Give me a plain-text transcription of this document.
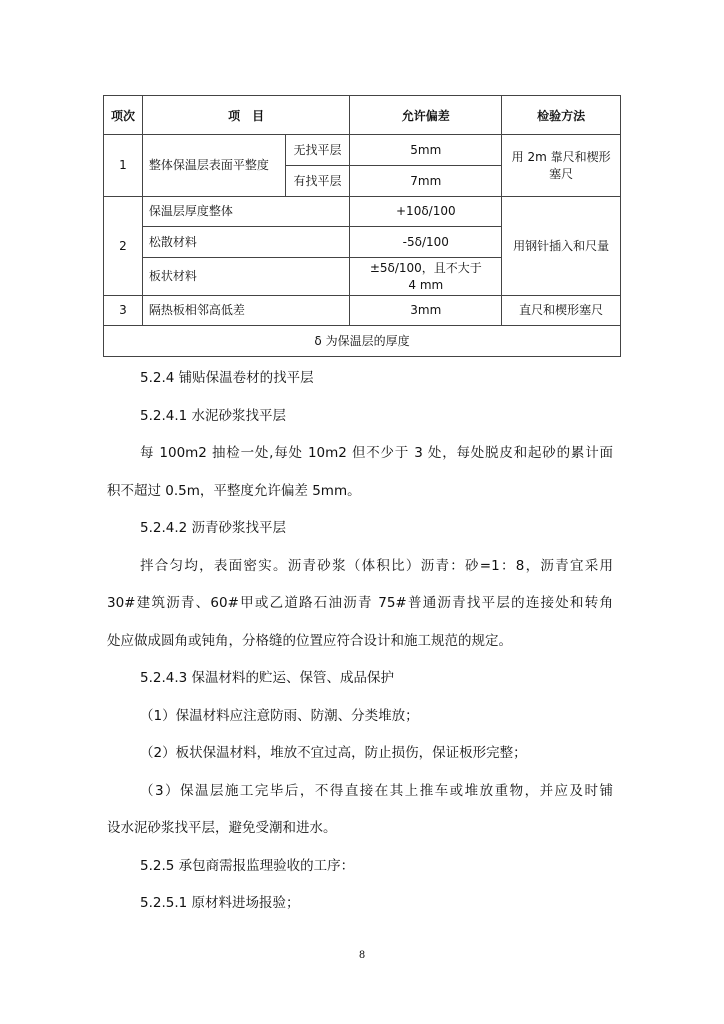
项次	项　目		允许偏差	检验方法
1	整体保温层表面平整度	无找平层	5mm	用 2m 靠尺和楔形塞尺
		有找平层	7mm	
2	保温层厚度整体		+10δ/100	用钢针插入和尺量
	松散材料		-5δ/100	
	板状材料		±5δ/100，且不大于 4 mm	
3	隔热板相邻高低差		3mm	直尺和楔形塞尺
δ 为保温层的厚度				
5.2.4 铺贴保温卷材的找平层
5.2.4.1 水泥砂浆找平层
每 100m2 抽检一处,每处 10m2 但不少于 3 处，每处脱皮和起砂的累计面
积不超过 0.5m，平整度允许偏差 5mm。
5.2.4.2 沥青砂浆找平层
拌合匀均，表面密实。沥青砂浆（体积比）沥青：砂=1：8，沥青宜采用
30#建筑沥青、60#甲或乙道路石油沥青 75#普通沥青找平层的连接处和转角
处应做成圆角或钝角，分格缝的位置应符合设计和施工规范的规定。
5.2.4.3 保温材料的贮运、保管、成品保护
（1）保温材料应注意防雨、防潮、分类堆放；
（2）板状保温材料，堆放不宜过高，防止损伤，保证板形完整；
（3）保温层施工完毕后，不得直接在其上推车或堆放重物，并应及时铺
设水泥砂浆找平层，避免受潮和进水。
5.2.5 承包商需报监理验收的工序：
5.2.5.1 原材料进场报验；
8
